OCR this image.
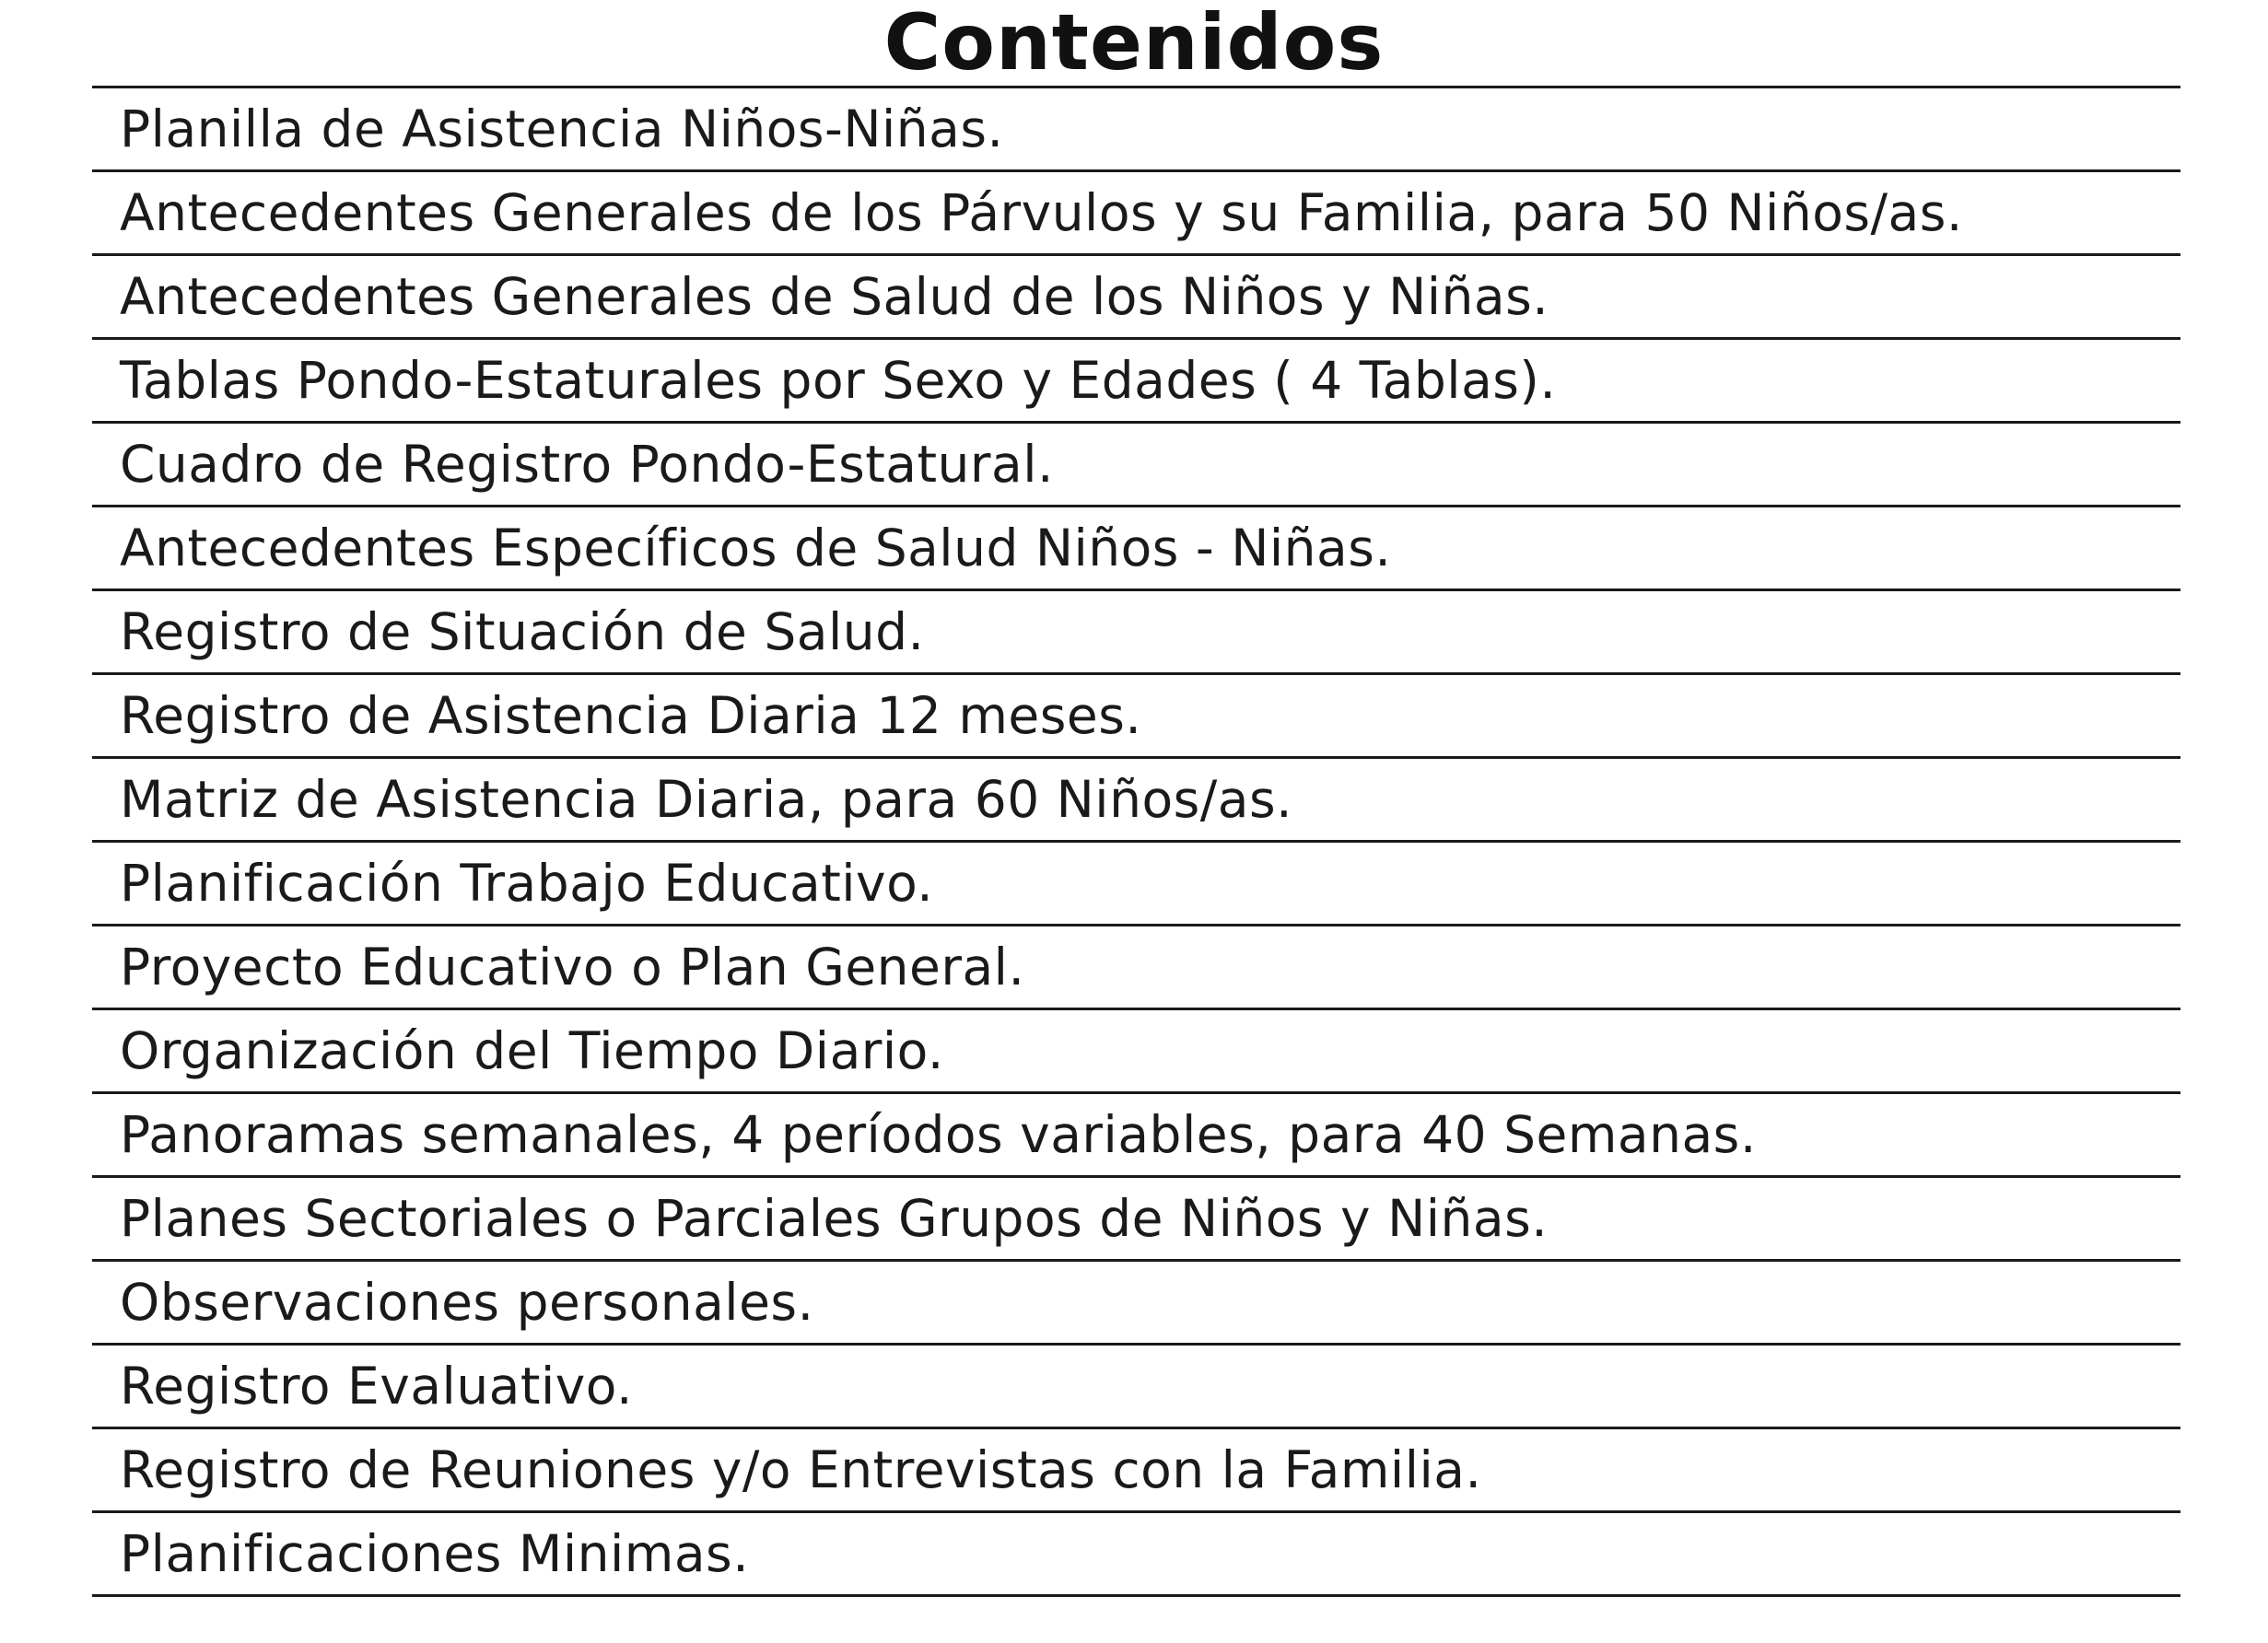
Contenidos
Planilla de Asistencia Niños-Niñas.
Antecedentes Generales de los Párvulos y su Familia, para 50 Niños/as.
Antecedentes Generales de Salud de los Niños y Niñas.
Tablas Pondo-Estaturales por Sexo y Edades ( 4 Tablas).
Cuadro de Registro Pondo-Estatural.
Antecedentes Específicos de Salud Niños - Niñas.
Registro de Situación de Salud.
Registro de Asistencia Diaria 12 meses.
Matriz de Asistencia Diaria, para 60 Niños/as.
Planificación Trabajo Educativo.
Proyecto Educativo o Plan General.
Organización del Tiempo Diario.
Panoramas semanales, 4 períodos variables, para 40 Semanas.
Planes Sectoriales o Parciales Grupos de Niños y Niñas.
Observaciones personales.
Registro Evaluativo.
Registro de Reuniones y/o Entrevistas con la Familia.
Planificaciones Minimas.
